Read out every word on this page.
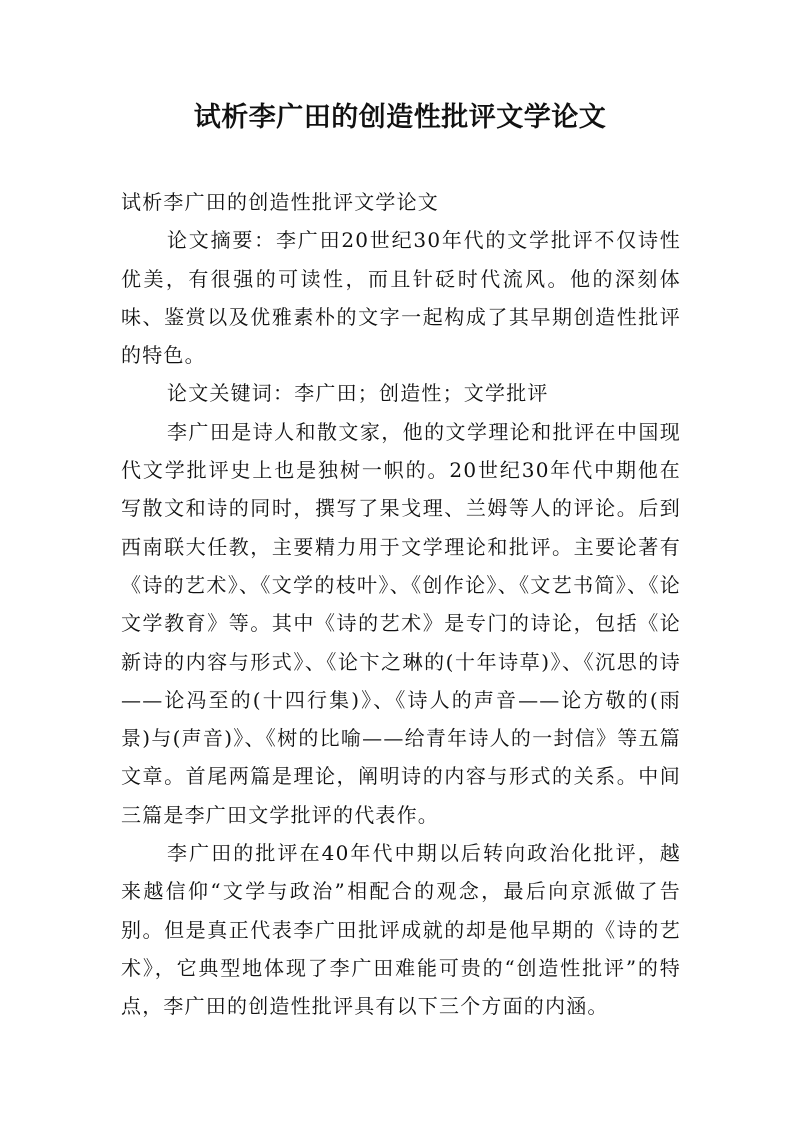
试析李广田的创造性批评文学论文

试析李广田的创造性批评文学论文

论文摘要：李广田20世纪30年代的文学批评不仅诗性优美，有很强的可读性，而且针砭时代流风。他的深刻体味、鉴赏以及优雅素朴的文字一起构成了其早期创造性批评的特色。

论文关键词：李广田；创造性；文学批评

李广田是诗人和散文家，他的文学理论和批评在中国现代文学批评史上也是独树一帜的。20世纪30年代中期他在写散文和诗的同时，撰写了果戈理、兰姆等人的评论。后到西南联大任教，主要精力用于文学理论和批评。主要论著有《诗的艺术》、《文学的枝叶》、《创作论》、《文艺书简》、《论文学教育》等。其中《诗的艺术》是专门的诗论，包括《论新诗的内容与形式》、《论卞之琳的(十年诗草)》、《沉思的诗——论冯至的(十四行集)》、《诗人的声音——论方敬的(雨景)与(声音)》、《树的比喻——给青年诗人的一封信》等五篇文章。首尾两篇是理论，阐明诗的内容与形式的关系。中间三篇是李广田文学批评的代表作。

李广田的批评在40年代中期以后转向政治化批评，越来越信仰“文学与政治”相配合的观念，最后向京派做了告别。但是真正代表李广田批评成就的却是他早期的《诗的艺术》，它典型地体现了李广田难能可贵的“创造性批评”的特点，李广田的创造性批评具有以下三个方面的内涵。
